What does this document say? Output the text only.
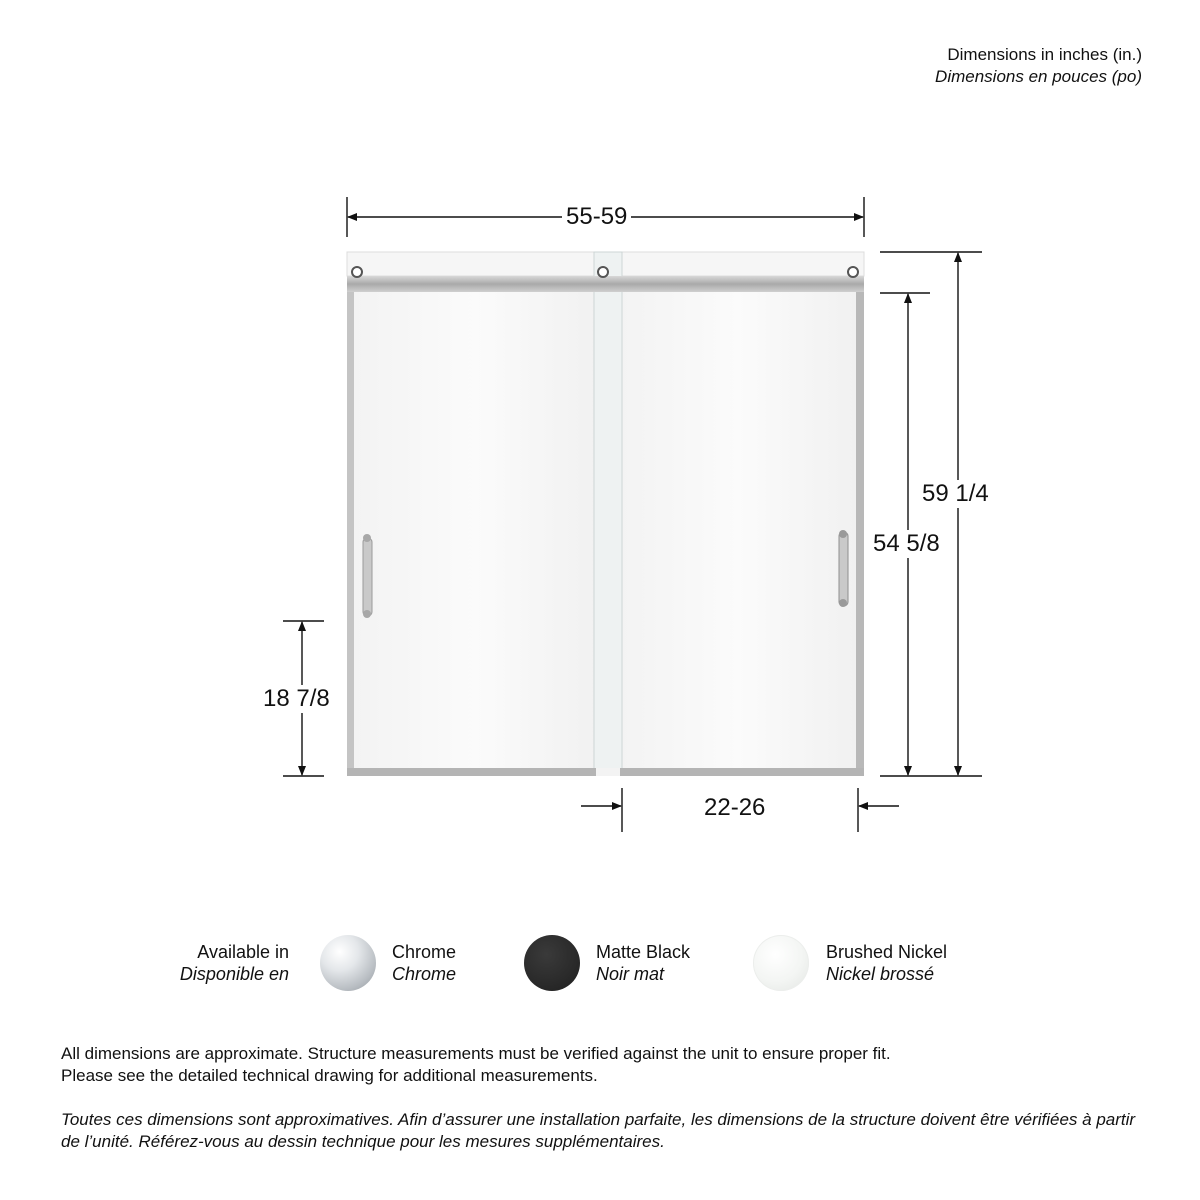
Dimensions in inches (in.)
Dimensions en pouces (po)
55-59
59 1/4
54 5/8
18 7/8
22-26
Available in
Disponible en
Chrome
Chrome
Matte Black
Noir mat
Brushed Nickel
Nickel brossé
All dimensions are approximate. Structure measurements must be verified against the unit to ensure proper fit.
Please see the detailed technical drawing for additional measurements.
Toutes ces dimensions sont approximatives. Afin d’assurer une installation parfaite, les dimensions de la structure doivent être vérifiées à partir de l’unité. Référez-vous au dessin technique pour les mesures supplémentaires.
